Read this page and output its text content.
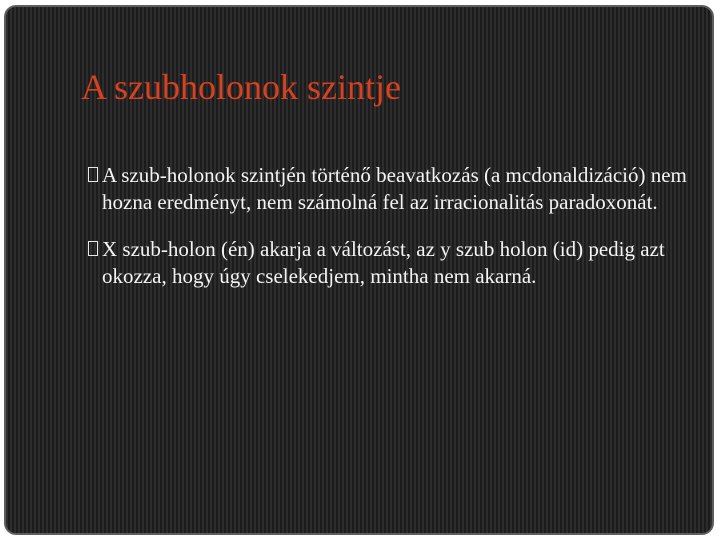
A szubholonok szintje
A szub-holonok szintjén történő beavatkozás (a mcdonaldizáció) nem hozna eredményt, nem számolná fel az irracionalitás paradoxonát.
X szub-holon (én) akarja a változást, az y szub holon (id) pedig azt okozza, hogy úgy cselekedjem, mintha nem akarná.
